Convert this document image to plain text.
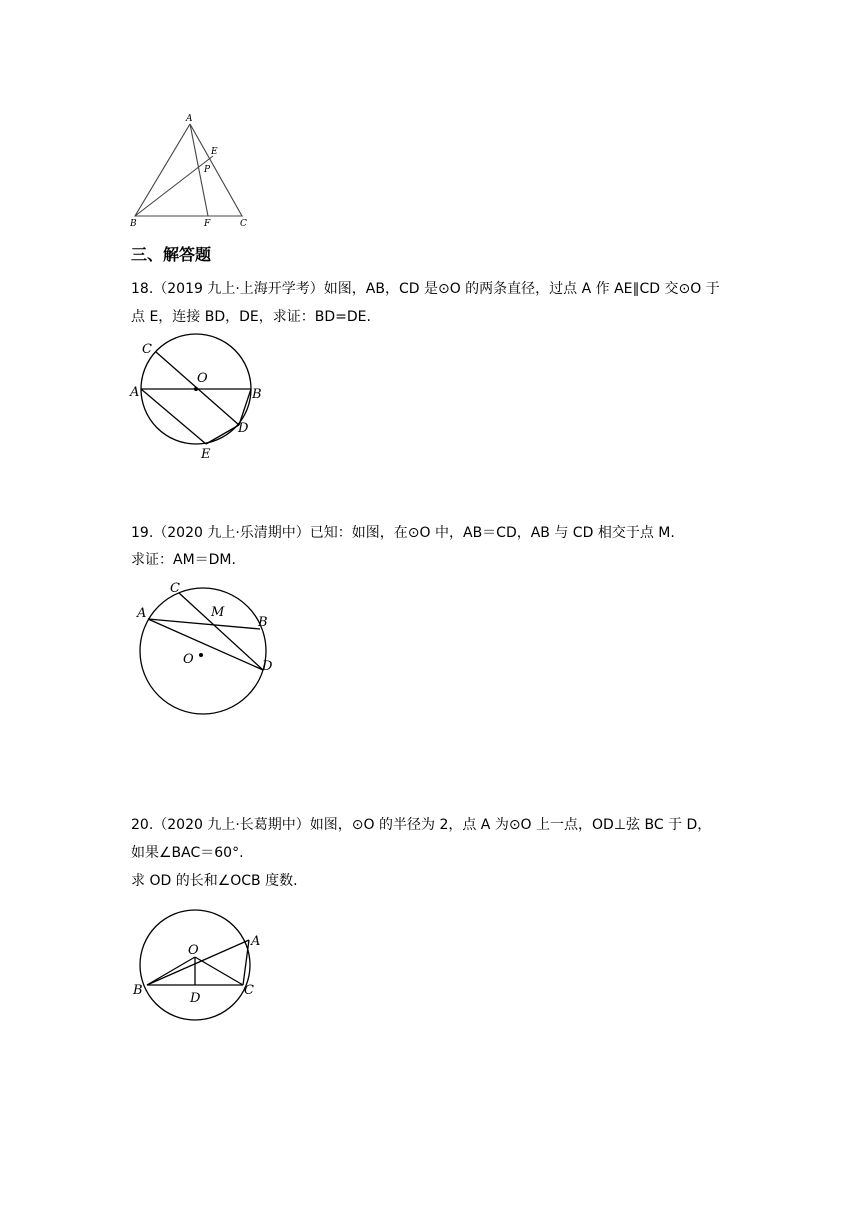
A
E
P
B	F	C
三、解答题
18.（2019 九上·上海开学考）如图，AB，CD 是⊙O 的两条直径，过点 A 作 AE∥CD 交⊙O 于
点 E，连接 BD，DE，求证：BD=DE.
C
O
A	B
D
E
19.（2020 九上·乐清期中）已知：如图，在⊙O 中，AB＝CD，AB 与 CD 相交于点 M.
求证：AM＝DM.
C
M
A
B
O	D
20.（2020 九上·长葛期中）如图，⊙O 的半径为 2，点 A 为⊙O 上一点，OD⊥弦 BC 于 D，
如果∠BAC＝60°.
求 OD 的长和∠OCB 度数.
O
A
B
D
C
